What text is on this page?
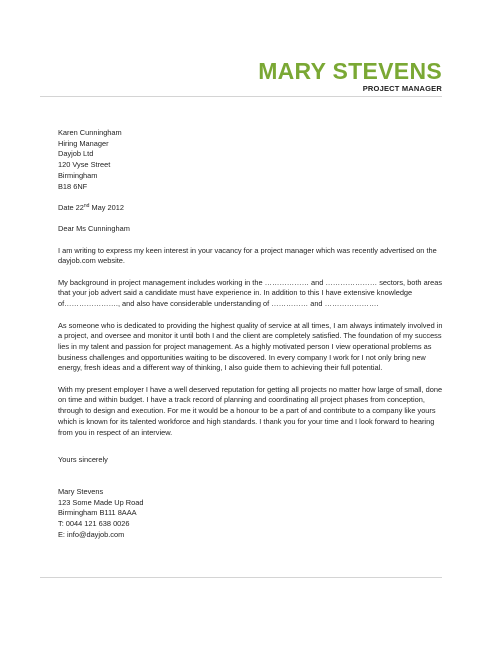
MARY STEVENS
PROJECT MANAGER
Karen Cunningham
Hiring Manager
Dayjob Ltd
120 Vyse Street
Birmingham
B18 6NF

Date 22nd May 2012

Dear Ms Cunningham

I am writing to express my keen interest in your vacancy for a project manager which was recently advertised on the dayjob.com website.

My background in project management includes working in the ……………… and ………………… sectors, both areas that your job advert said a candidate must have experience in. In addition to this I have extensive knowledge of…………………., and also have considerable understanding of …………… and ………………….

As someone who is dedicated to providing the highest quality of service at all times, I am always intimately involved in a project, and oversee and monitor it until both I and the client are completely satisfied. The foundation of my success lies in my talent and passion for project management. As a highly motivated person I view operational problems as business challenges and opportunities waiting to be discovered. In every company I work for I not only bring new energy, fresh ideas and a different way of thinking, I also guide them to achieving their full potential.

With my present employer I have a well deserved reputation for getting all projects no matter how large of small, done on time and within budget. I have a track record of planning and coordinating all project phases from conception, through to design and execution. For me it would be a honour to be a part of and contribute to a company like yours which is known for its talented workforce and high standards. I thank you for your time and I look forward to hearing from you in respect of an interview.

Yours sincerely

Mary Stevens
123 Some Made Up Road
Birmingham B111 8AAA
T: 0044 121 638 0026
E: info@dayjob.com
